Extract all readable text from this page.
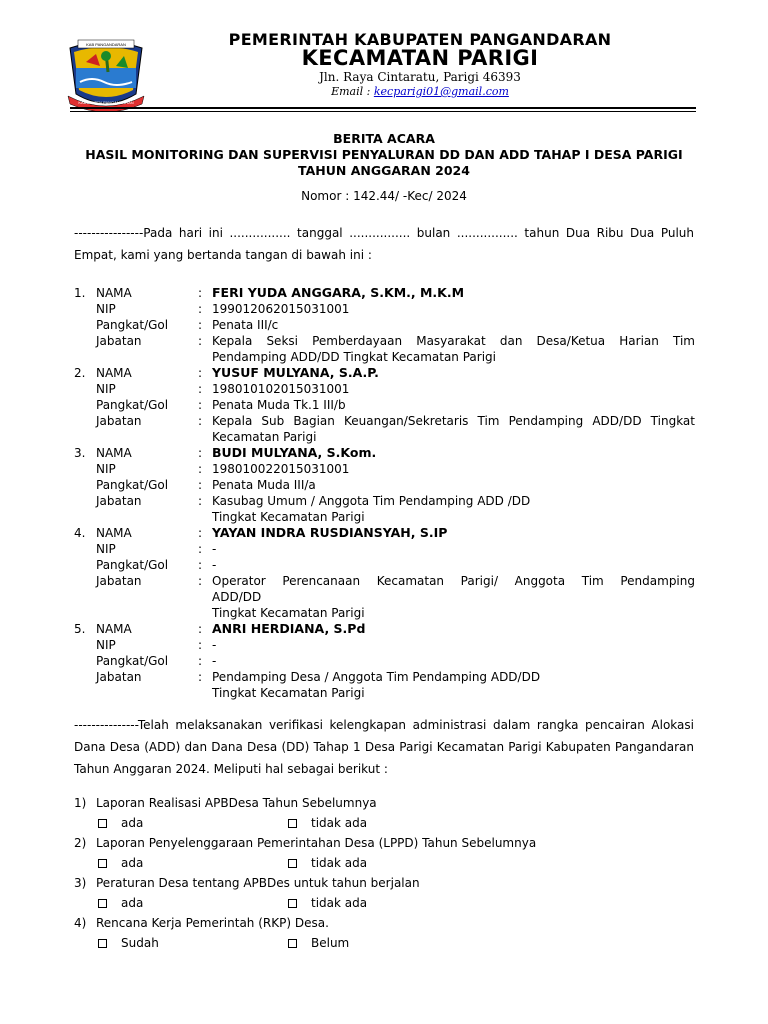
KAB PANGANDARAN
KABUPATEN PANGANDARAN
PEMERINTAH KABUPATEN PANGANDARAN
KECAMATAN PARIGI
Jln. Raya Cintaratu, Parigi 46393
Email : kecparigi01@gmail.com
BERITA ACARA
HASIL MONITORING DAN SUPERVISI PENYALURAN DD DAN ADD TAHAP I DESA PARIGI
TAHUN ANGGARAN 2024
Nomor : 142.44/ -Kec/ 2024
----------------Pada hari ini ................ tanggal ................ bulan ................ tahun Dua Ribu Dua Puluh Empat, kami yang bertanda tangan di bawah ini :
1. NAMA	: FERI YUDA ANGGARA, S.KM., M.K.M
NIP	: 199012062015031001
Pangkat/Gol : Penata III/c
Jabatan	: Kepala Seksi Pemberdayaan Masyarakat dan Desa/Ketua Harian Tim
Pendamping ADD/DD Tingkat Kecamatan Parigi
2. NAMA	: YUSUF MULYANA, S.A.P.
NIP	: 198010102015031001
Pangkat/Gol : Penata Muda Tk.1 III/b
Jabatan	: Kepala Sub Bagian Keuangan/Sekretaris Tim Pendamping ADD/DD Tingkat
Kecamatan Parigi
3. NAMA	: BUDI MULYANA, S.Kom.
NIP	: 198010022015031001
Pangkat/Gol : Penata Muda III/a
Jabatan	: Kasubag Umum / Anggota Tim Pendamping ADD /DD
Tingkat Kecamatan Parigi
4. NAMA	: YAYAN INDRA RUSDIANSYAH, S.IP
NIP	: -
Pangkat/Gol : -
Jabatan	: Operator Perencanaan Kecamatan Parigi/ Anggota Tim Pendamping
ADD/DD
Tingkat Kecamatan Parigi
5. NAMA	: ANRI HERDIANA, S.Pd
NIP	: -
Pangkat/Gol : -
Jabatan	: Pendamping Desa / Anggota Tim Pendamping ADD/DD
Tingkat Kecamatan Parigi
---------------Telah melaksanakan verifikasi kelengkapan administrasi dalam rangka pencairan Alokasi Dana Desa (ADD) dan Dana Desa (DD) Tahap 1 Desa Parigi Kecamatan Parigi Kabupaten Pangandaran Tahun Anggaran 2024. Meliputi hal sebagai berikut :
1) Laporan Realisasi APBDesa Tahun Sebelumnya
ada	tidak ada
2) Laporan Penyelenggaraan Pemerintahan Desa (LPPD) Tahun Sebelumnya
ada	tidak ada
3) Peraturan Desa tentang APBDes untuk tahun berjalan
ada	tidak ada
4) Rencana Kerja Pemerintah (RKP) Desa.
Sudah	Belum
